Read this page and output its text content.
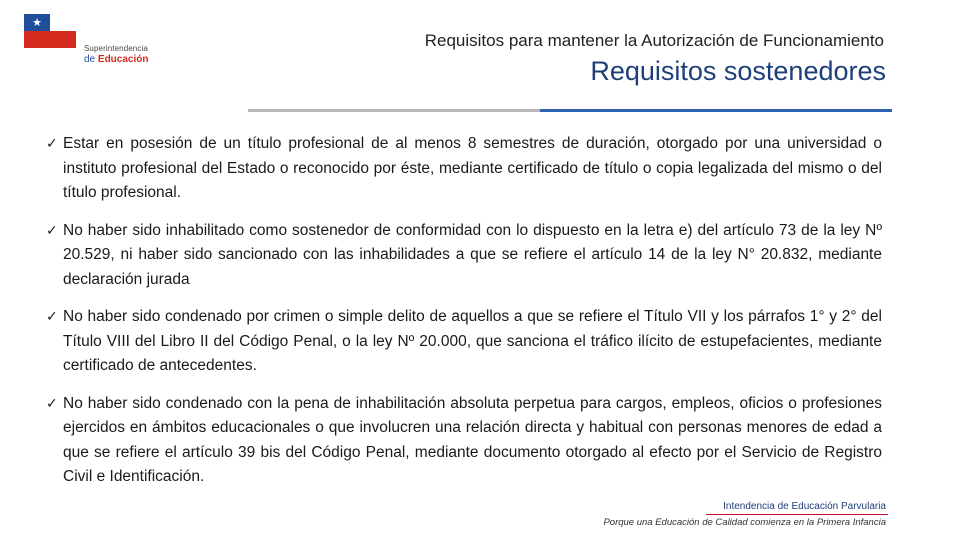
★	Gobierno
de Chile
Superintendencia
de Educación
Requisitos para mantener la Autorización de Funcionamiento
Requisitos sostenedores
✓ Estar en posesión de un título profesional de al menos 8 semestres de duración, otorgado por una universidad o instituto profesional del Estado o reconocido por éste, mediante certificado de título o copia legalizada del mismo o del título profesional.
✓ No haber sido inhabilitado como sostenedor de conformidad con lo dispuesto en la letra e) del artículo 73 de la ley Nº 20.529, ni haber sido sancionado con las inhabilidades a que se refiere el artículo 14 de la ley N° 20.832, mediante declaración jurada
✓ No haber sido condenado por crimen o simple delito de aquellos a que se refiere el Título VII y los párrafos 1° y 2° del Título VIII del Libro II del Código Penal, o la ley Nº 20.000, que sanciona el tráfico ilícito de estupefacientes, mediante certificado de antecedentes.
✓ No haber sido condenado con la pena de inhabilitación absoluta perpetua para cargos, empleos, oficios o profesiones ejercidos en ámbitos educacionales o que involucren una relación directa y habitual con personas menores de edad a que se refiere el artículo 39 bis del Código Penal, mediante documento otorgado al efecto por el Servicio de Registro Civil e Identificación.
Intendencia de Educación Parvularia
Porque una Educación de Calidad comienza en la Primera Infancia
